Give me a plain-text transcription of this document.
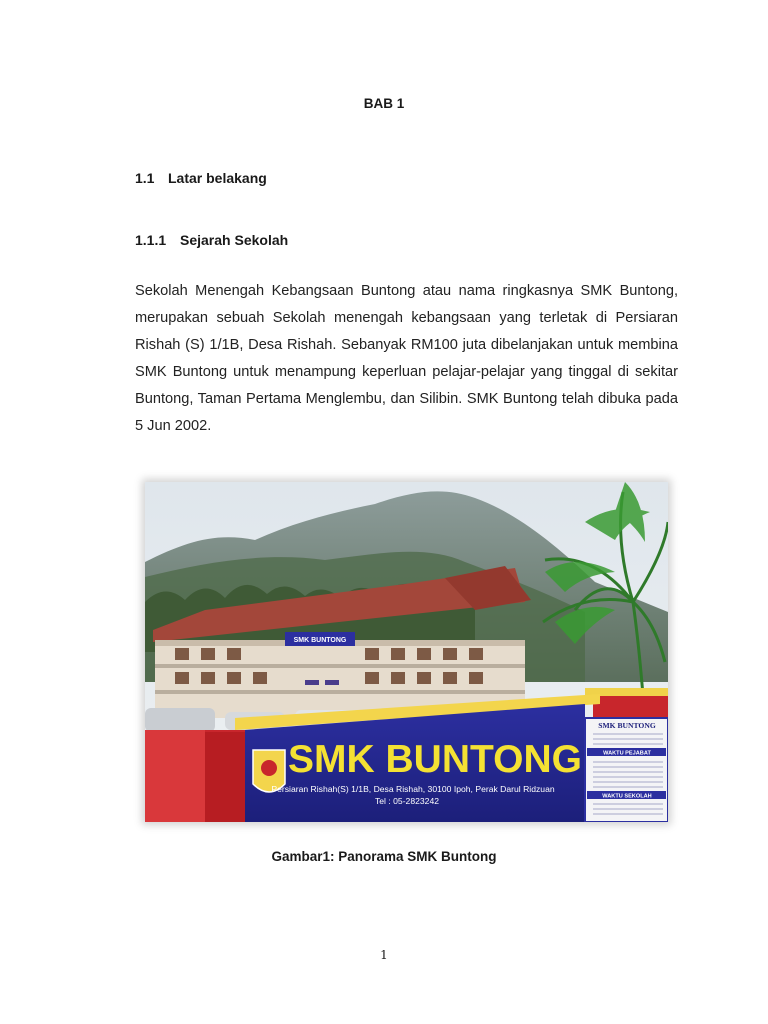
BAB 1
1.1 Latar belakang
1.1.1 Sejarah Sekolah

Sekolah Menengah Kebangsaan Buntong atau nama ringkasnya SMK Buntong, merupakan sebuah Sekolah menengah kebangsaan yang terletak di Persiaran Rishah (S) 1/1B, Desa Rishah. Sebanyak RM100 juta dibelanjakan untuk membina SMK Buntong untuk menampung keperluan pelajar-pelajar yang tinggal di sekitar Buntong, Taman Pertama Menglembu, dan Silibin. SMK Buntong telah dibuka pada 5 Jun 2002.

SMK BUNTONG
SMK BUNTONG
Persiaran Rishah(S) 1/1B, Desa Rishah, 30100 Ipoh, Perak Darul Ridzuan
Tel : 05-2823242
SMK BUNTONG
WAKTU PEJABAT
WAKTU SEKOLAH
Gambar1: Panorama SMK Buntong
1
